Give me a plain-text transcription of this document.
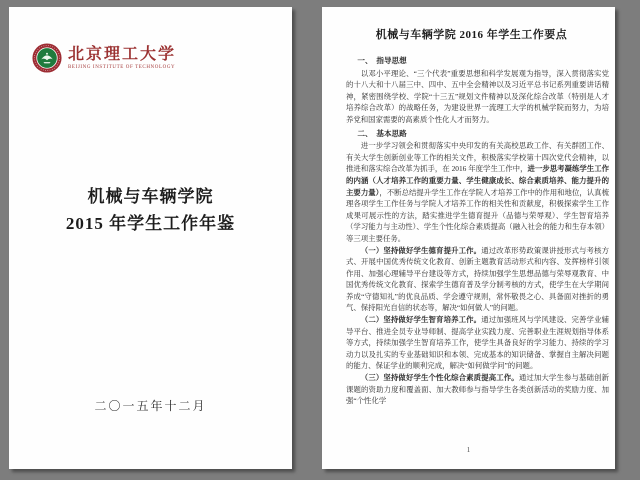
北京理工大学
BEIJING INSTITUTE OF TECHNOLOGY
机械与车辆学院
2015 年学生工作年鉴
二〇一五年十二月
机械与车辆学院 2016 年学生工作要点

一、　指导思想

以邓小平理论、“三个代表”重要思想和科学发展观为指导，深入贯彻落实党的十八大和十八届三中、四中、五中全会精神以及习近平总书记系列重要讲话精神，紧密围绕学校、学院“十三五”规划文件精神以及深化综合改革（特别是人才培养综合改革）的战略任务，为建设世界一流理工大学的机械学院而努力，为培养党和国家需要的高素质个性化人才而努力。

二、　基本思路

进一步学习领会和贯彻落实中央印发的有关高校思政工作、有关群团工作、有关大学生创新创业等工作的相关文件，积极落实学校第十四次党代会精神，以推进和落实综合改革为抓手，在 2016 年度学生工作中，进一步思考凝练学生工作的内涵（人才培养工作的重要力量、学生健康成长、综合素质培养、能力提升的主要力量），不断总结提升学生工作在学院人才培养工作中的作用和地位，认真梳理各项学生工作任务与学院人才培养工作的相关性和贡献度，积极探索学生工作成果可展示性的方法，踏实推进学生德育提升（品德与荣辱观）、学生智育培养（学习能力与主动性）、学生个性化综合素质提高（融入社会的能力和生存本领）等三项主要任务。

（一）坚持做好学生德育提升工作。通过改革形势政策课讲授形式与考核方式、开展中国优秀传统文化教育、创新主题教育活动形式和内容、发挥榜样引领作用、加强心理辅导平台建设等方式，持续加强学生思想品德与荣辱观教育、中国优秀传统文化教育、探索学生德育普及学分制考核的方式，使学生在大学期间养成“守德知礼”的优良品质、学会遵守规则，常怀敬畏之心、具备面对挫折的勇气、保持阳光自信的状态等，解决“如何做人”的问题。

（二）坚持做好学生智育培养工作。通过加强班风与学风建设、完善学业辅导平台、推进全员专业导师制、提高学业实践力度、完善职业生涯规划指导体系等方式，持续加强学生智育培养工作，使学生具备良好的学习能力、持续的学习动力以及扎实的专业基础知识和本领、完成基本的知识储备、掌握自主解决问题的能力、保证学业的顺利完成，解决“如何做学问”的问题。

（三）坚持做好学生个性化综合素质提高工作。通过加大学生参与基础创新课题的资助力度和覆盖面、加大教师参与指导学生各类创新活动的奖励力度、加强“个性化学

1
